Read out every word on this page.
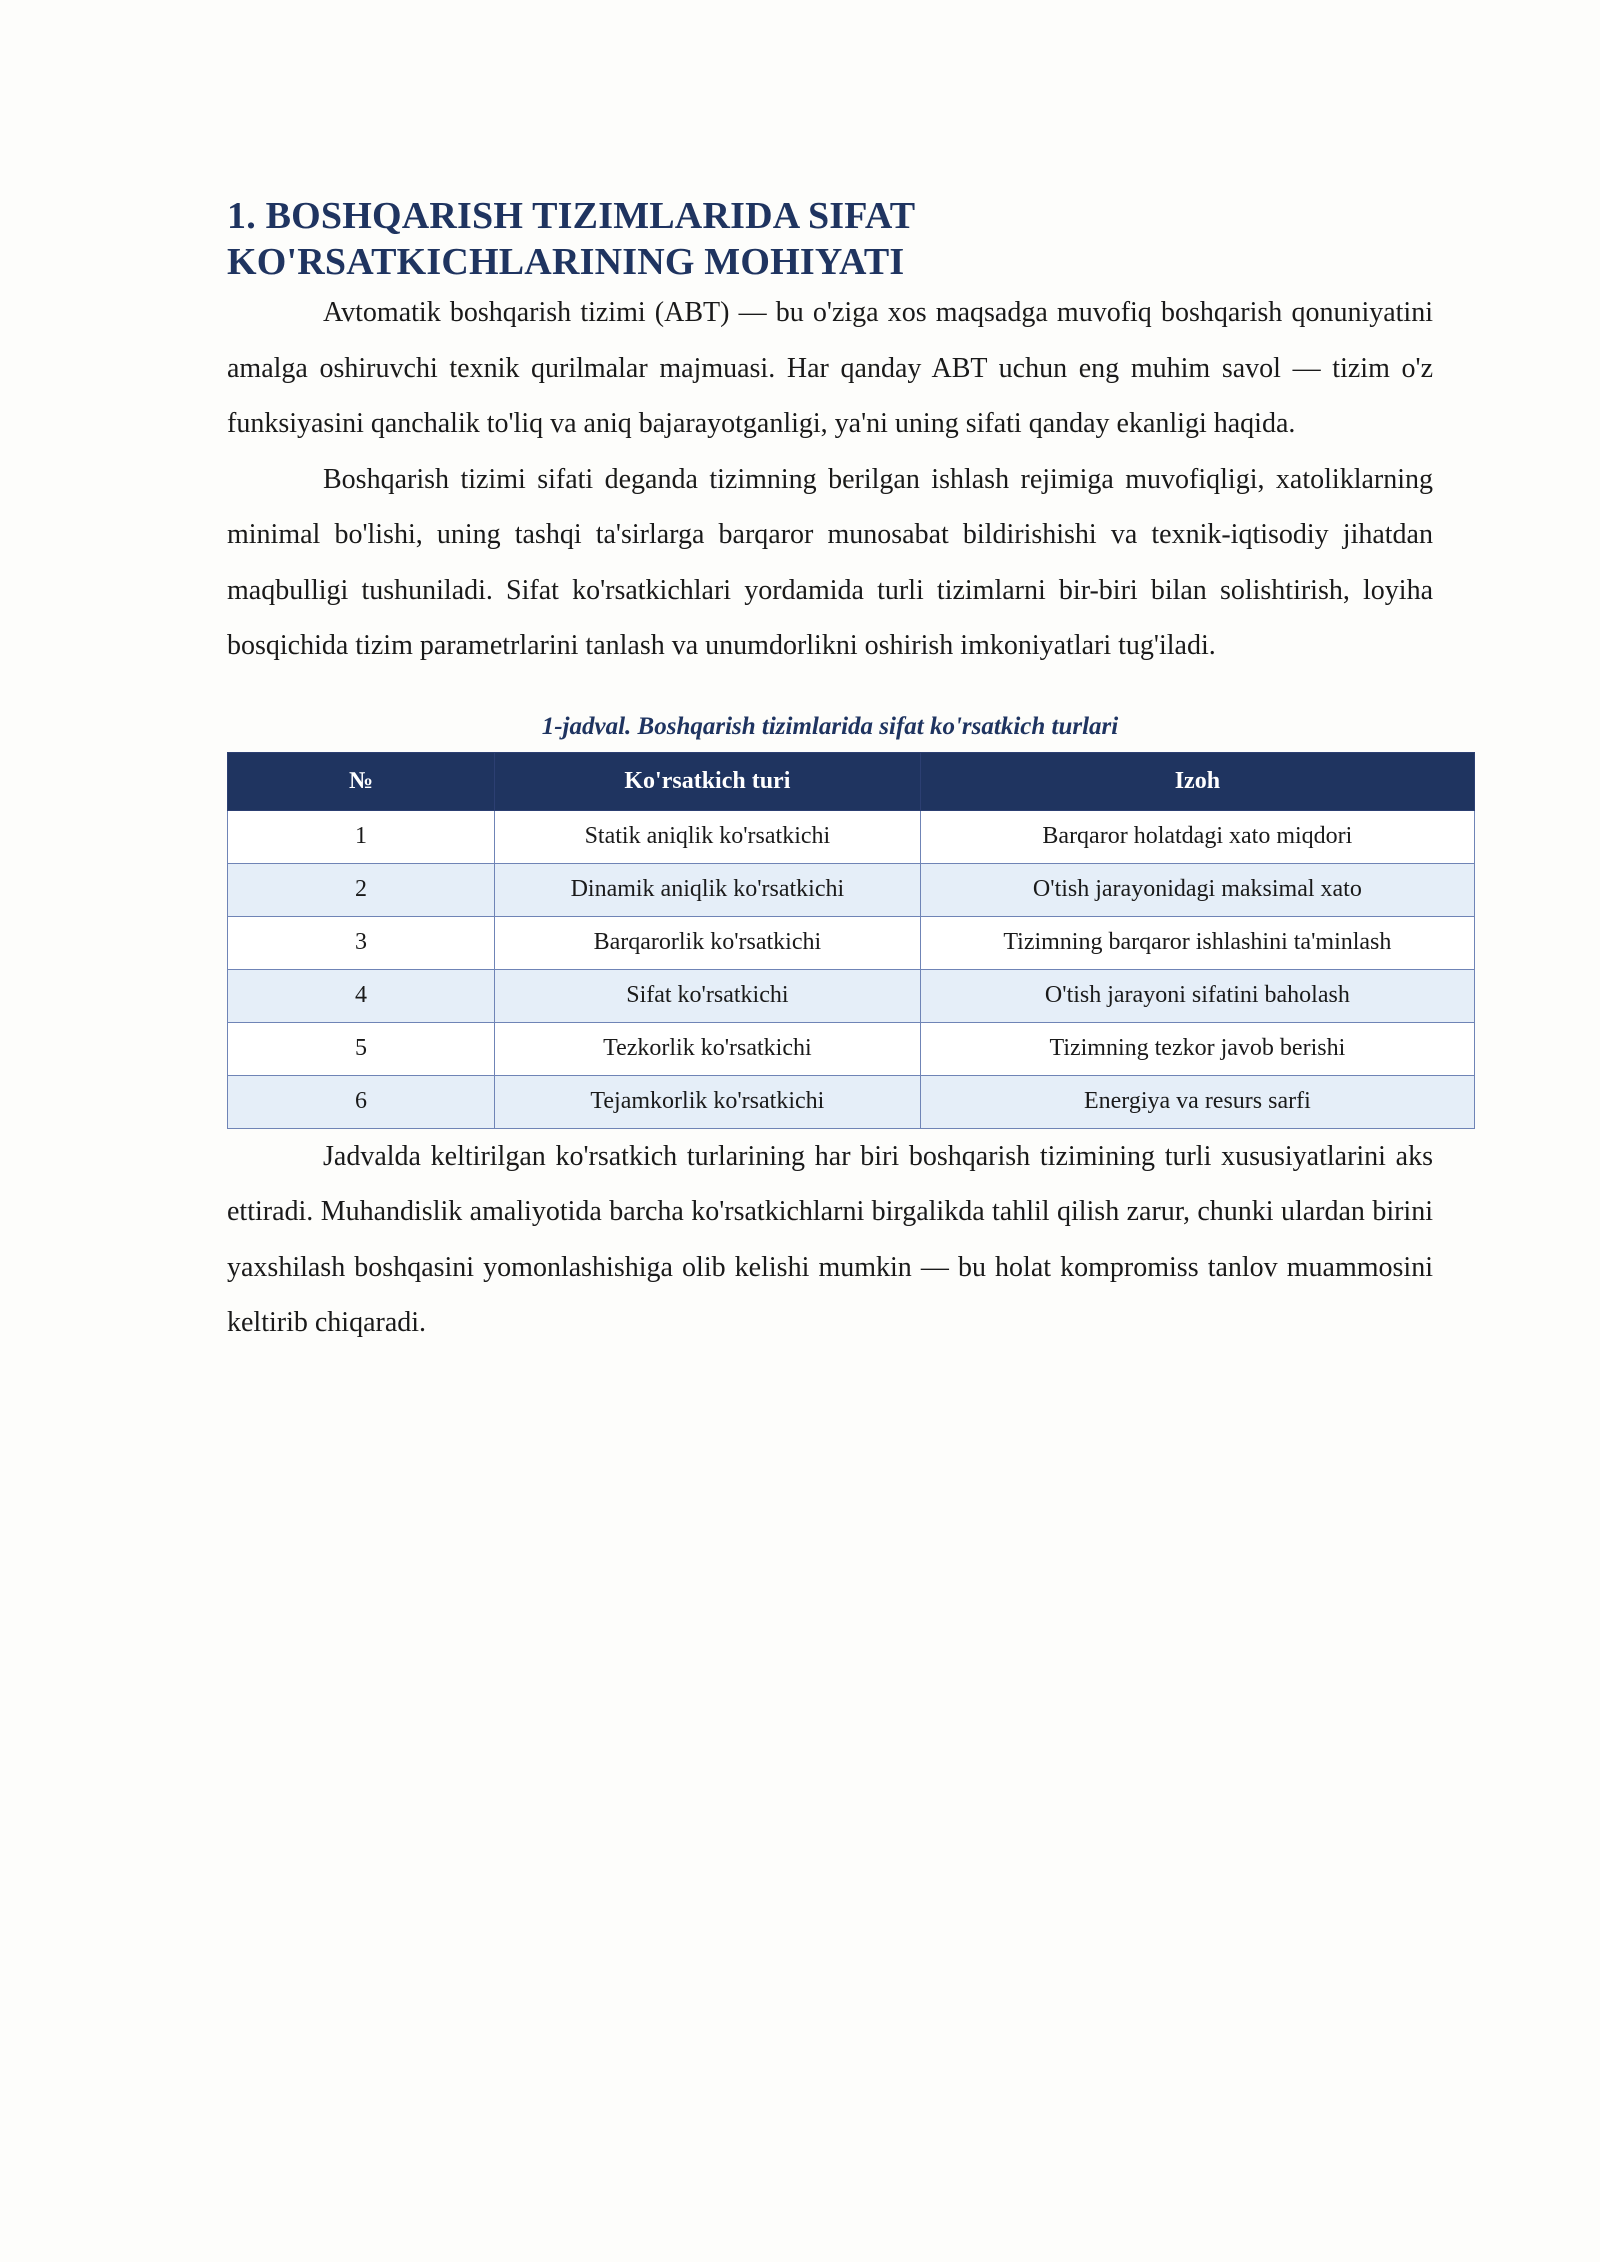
1. BOSHQARISH TIZIMLARIDA SIFAT
KO'RSATKICHLARINING MOHIYATI

Avtomatik boshqarish tizimi (ABT) — bu o'ziga xos maqsadga muvofiq boshqarish qonuniyatini amalga oshiruvchi texnik qurilmalar majmuasi. Har qanday ABT uchun eng muhim savol — tizim o'z funksiyasini qanchalik to'liq va aniq bajarayotganligi, ya'ni uning sifati qanday ekanligi haqida.

Boshqarish tizimi sifati deganda tizimning berilgan ishlash rejimiga muvofiqligi, xatoliklarning minimal bo'lishi, uning tashqi ta'sirlarga barqaror munosabat bildirishishi va texnik-iqtisodiy jihatdan maqbulligi tushuniladi. Sifat ko'rsatkichlari yordamida turli tizimlarni bir-biri bilan solishtirish, loyiha bosqichida tizim parametrlarini tanlash va unumdorlikni oshirish imkoniyatlari tug'iladi.

1-jadval. Boshqarish tizimlarida sifat ko'rsatkich turlari
№	Ko'rsatkich turi	Izoh
1	Statik aniqlik ko'rsatkichi	Barqaror holatdagi xato miqdori
2	Dinamik aniqlik ko'rsatkichi	O'tish jarayonidagi maksimal xato
3	Barqarorlik ko'rsatkichi	Tizimning barqaror ishlashini ta'minlash
4	Sifat ko'rsatkichi	O'tish jarayoni sifatini baholash
5	Tezkorlik ko'rsatkichi	Tizimning tezkor javob berishi
6	Tejamkorlik ko'rsatkichi	Energiya va resurs sarfi

Jadvalda keltirilgan ko'rsatkich turlarining har biri boshqarish tizimining turli xususiyatlarini aks ettiradi. Muhandislik amaliyotida barcha ko'rsatkichlarni birgalikda tahlil qilish zarur, chunki ulardan birini yaxshilash boshqasini yomonlashishiga olib kelishi mumkin — bu holat kompromiss tanlov muammosini keltirib chiqaradi.
